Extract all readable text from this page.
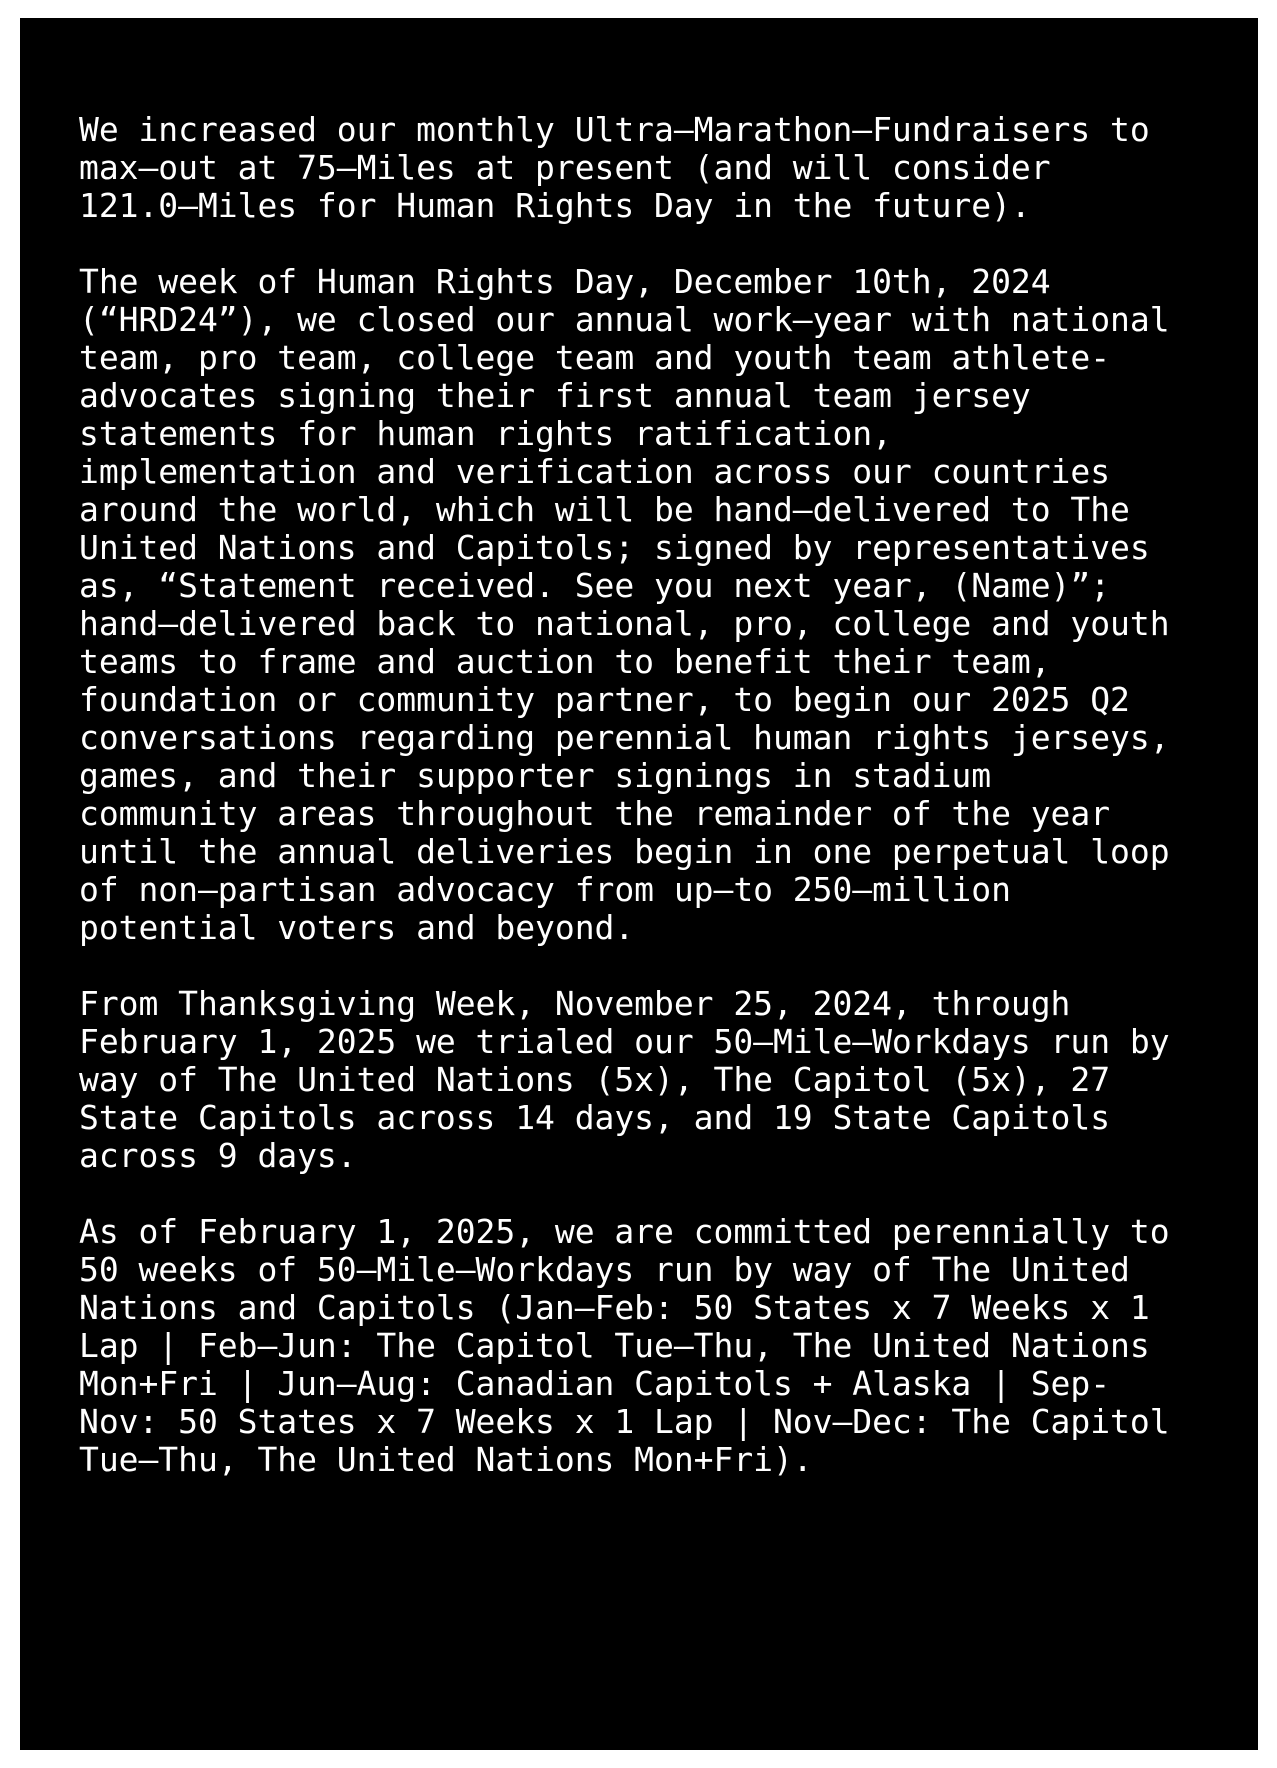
We increased our monthly Ultra–Marathon–Fundraisers to
max–out at 75–Miles at present (and will consider
121.0–Miles for Human Rights Day in the future).
The week of Human Rights Day, December 10th, 2024
(“HRD24”), we closed our annual work–year with national
team, pro team, college team and youth team athlete-
advocates signing their first annual team jersey
statements for human rights ratification,
implementation and verification across our countries
around the world, which will be hand–delivered to The
United Nations and Capitols; signed by representatives
as, “Statement received. See you next year, (Name)”;
hand–delivered back to national, pro, college and youth
teams to frame and auction to benefit their team,
foundation or community partner, to begin our 2025 Q2
conversations regarding perennial human rights jerseys,
games, and their supporter signings in stadium
community areas throughout the remainder of the year
until the annual deliveries begin in one perpetual loop
of non–partisan advocacy from up–to 250–million
potential voters and beyond.
From Thanksgiving Week, November 25, 2024, through
February 1, 2025 we trialed our 50–Mile–Workdays run by
way of The United Nations (5x), The Capitol (5x), 27
State Capitols across 14 days, and 19 State Capitols
across 9 days.
As of February 1, 2025, we are committed perennially to
50 weeks of 50–Mile–Workdays run by way of The United
Nations and Capitols (Jan–Feb: 50 States x 7 Weeks x 1
Lap | Feb–Jun: The Capitol Tue–Thu, The United Nations
Mon+Fri | Jun–Aug: Canadian Capitols + Alaska | Sep-
Nov: 50 States x 7 Weeks x 1 Lap | Nov–Dec: The Capitol
Tue–Thu, The United Nations Mon+Fri).
